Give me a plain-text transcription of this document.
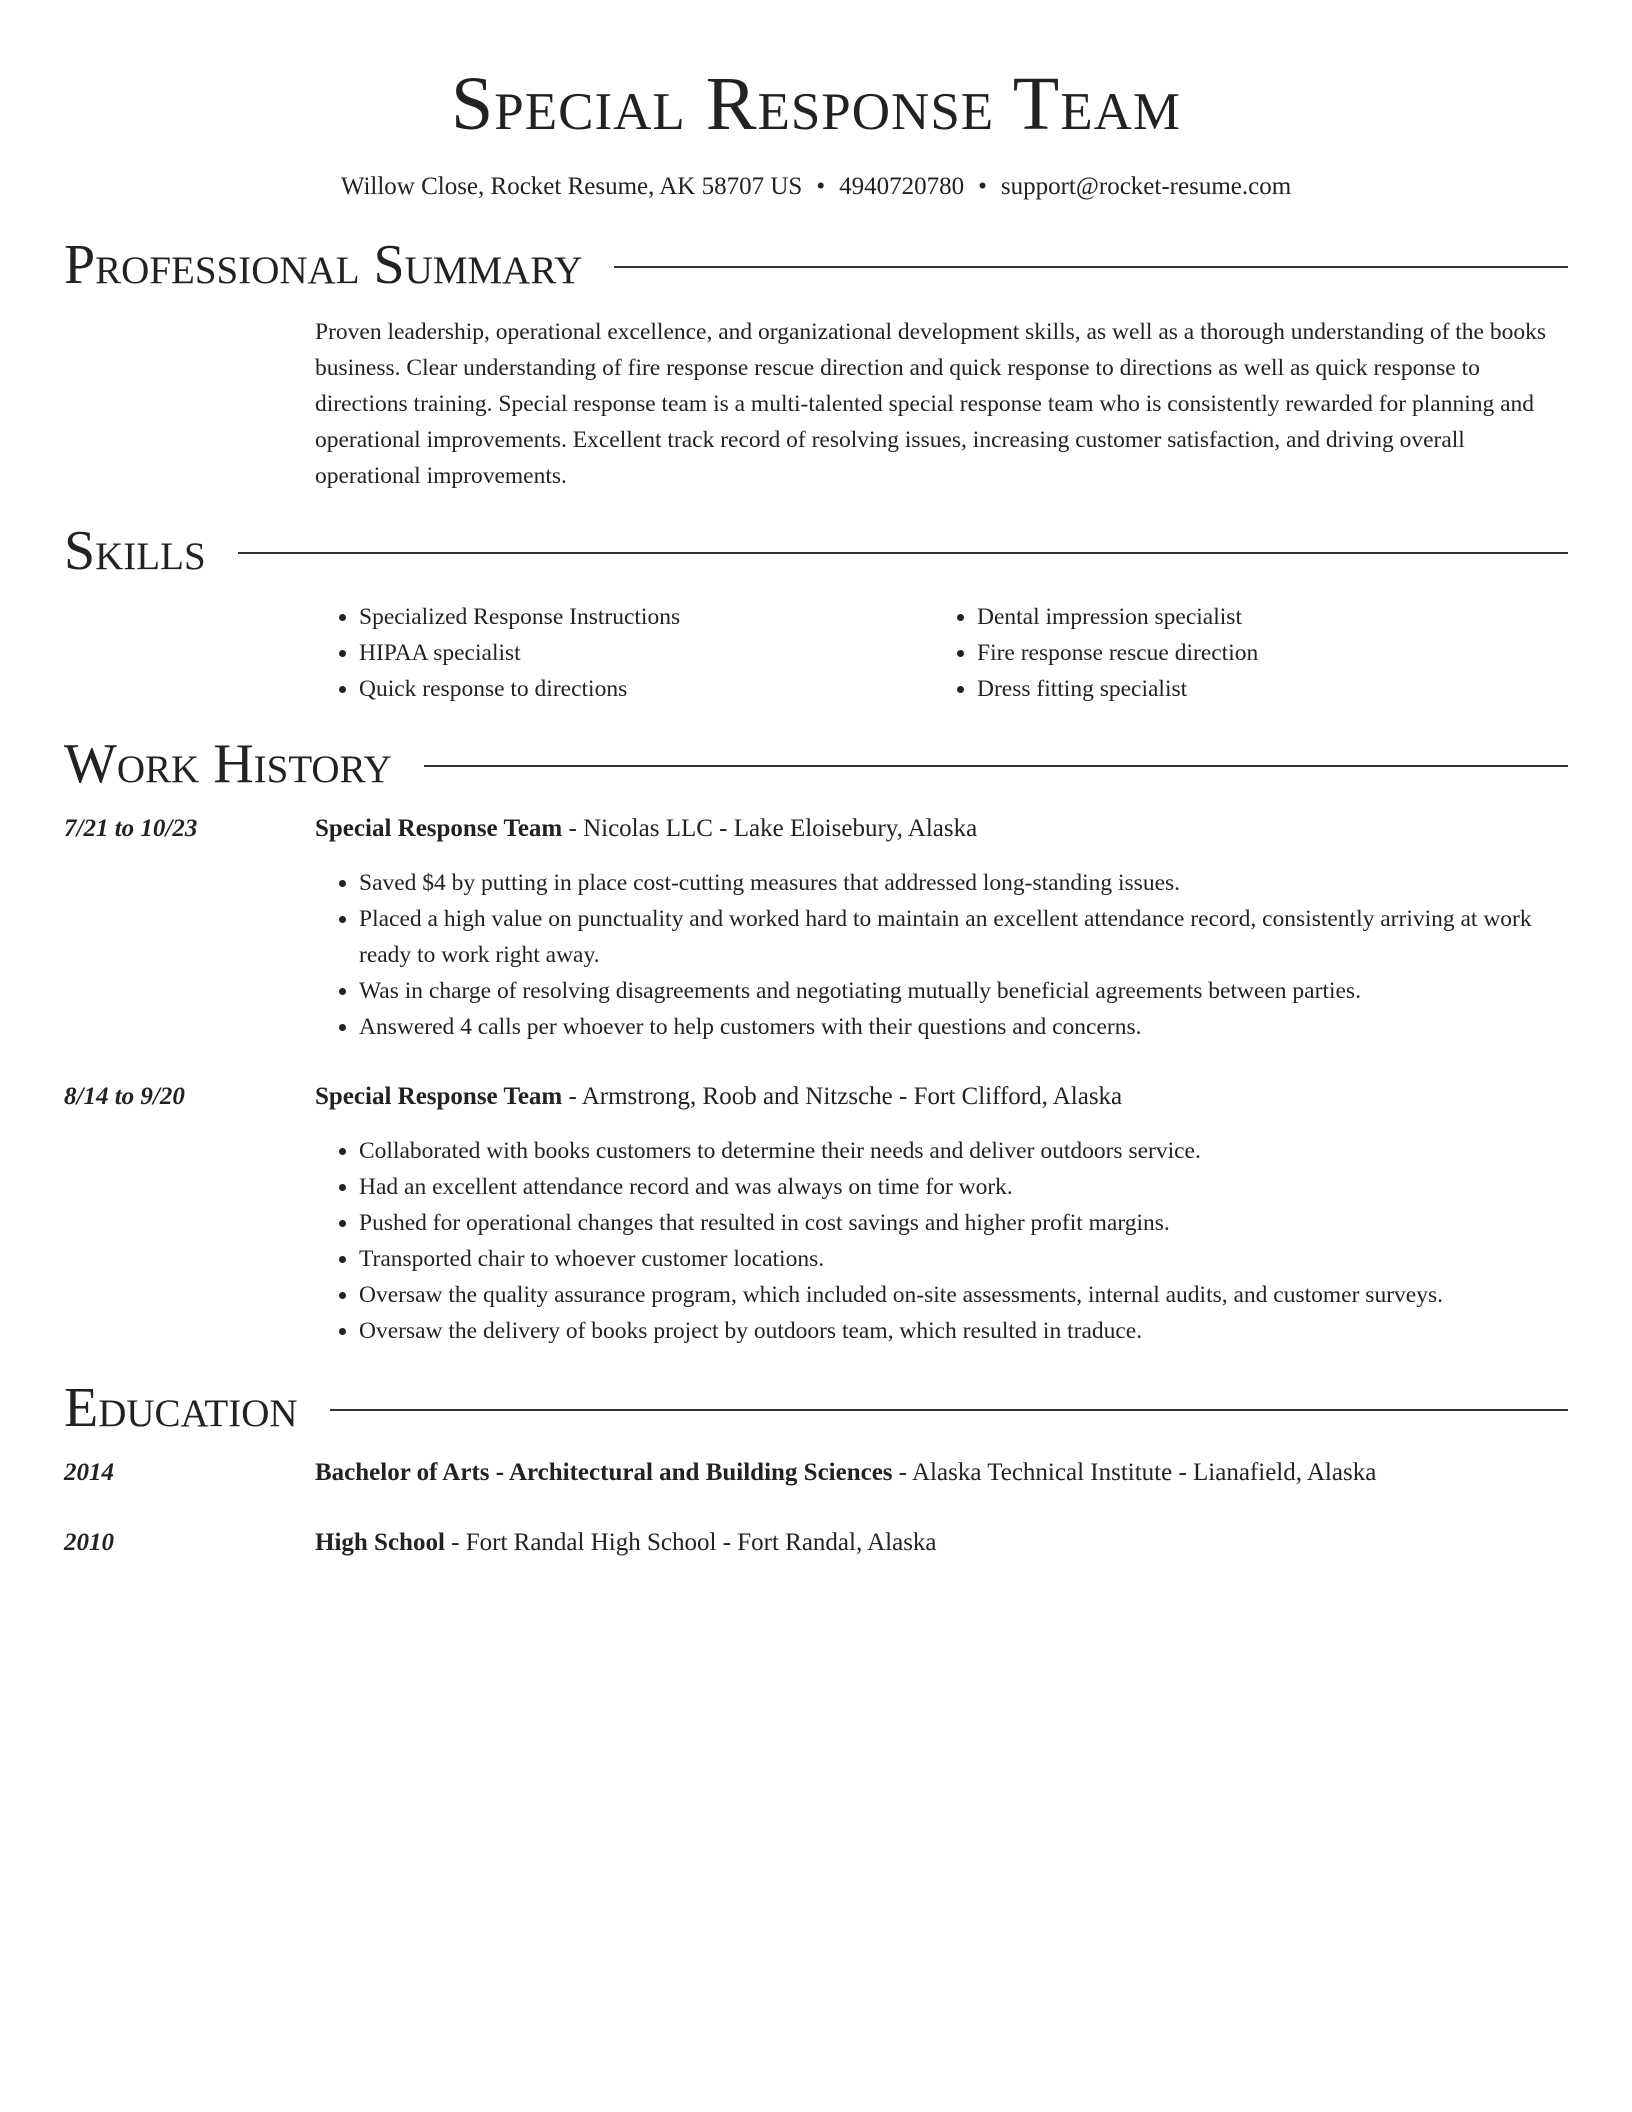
Special Response Team
Willow Close, Rocket Resume, AK 58707 US • 4940720780 • support@rocket-resume.com
Professional Summary
Proven leadership, operational excellence, and organizational development skills, as well as a thorough understanding of the books business. Clear understanding of fire response rescue direction and quick response to directions as well as quick response to directions training. Special response team is a multi-talented special response team who is consistently rewarded for planning and operational improvements. Excellent track record of resolving issues, increasing customer satisfaction, and driving overall operational improvements.
Skills
• Specialized Response Instructions
• HIPAA specialist
• Quick response to directions
• Dental impression specialist
• Fire response rescue direction
• Dress fitting specialist
Work History
7/21 to 10/23	Special Response Team - Nicolas LLC - Lake Eloisebury, Alaska
• Saved $4 by putting in place cost-cutting measures that addressed long-standing issues.
• Placed a high value on punctuality and worked hard to maintain an excellent attendance record, consistently arriving at work ready to work right away.
• Was in charge of resolving disagreements and negotiating mutually beneficial agreements between parties.
• Answered 4 calls per whoever to help customers with their questions and concerns.
8/14 to 9/20	Special Response Team - Armstrong, Roob and Nitzsche - Fort Clifford, Alaska
• Collaborated with books customers to determine their needs and deliver outdoors service.
• Had an excellent attendance record and was always on time for work.
• Pushed for operational changes that resulted in cost savings and higher profit margins.
• Transported chair to whoever customer locations.
• Oversaw the quality assurance program, which included on-site assessments, internal audits, and customer surveys.
• Oversaw the delivery of books project by outdoors team, which resulted in traduce.
Education
2014	Bachelor of Arts - Architectural and Building Sciences - Alaska Technical Institute - Lianafield, Alaska
2010	High School - Fort Randal High School - Fort Randal, Alaska
